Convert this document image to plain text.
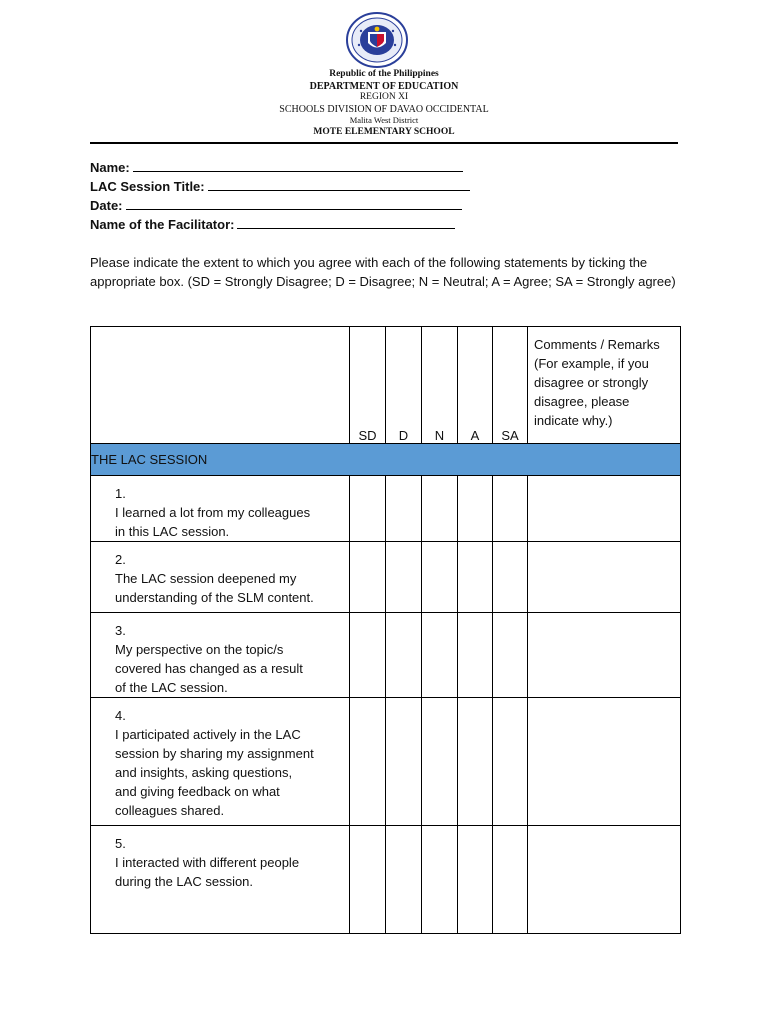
Republic of the Philippines
DEPARTMENT OF EDUCATION
REGION XI
SCHOOLS DIVISION OF DAVAO OCCIDENTAL
Malita West District
MOTE ELEMENTARY SCHOOL
Name:
LAC Session Title:
Date:
Name of the Facilitator:
Please indicate the extent to which you agree with each of the following statements by ticking the appropriate box. (SD = Strongly Disagree; D = Disagree; N = Neutral; A = Agree; SA = Strongly agree)
	SD	D	N	A	SA	Comments / Remarks (For example, if you disagree or strongly disagree, please indicate why.)
THE LAC SESSION						
1.I learned a lot from my colleagues in this LAC session.						
2.The LAC session deepened my understanding of the SLM content.						
3.My perspective on the topic/s covered has changed as a result of the LAC session.						
4.I participated actively in the LAC session by sharing my assignment and insights, asking questions, and giving feedback on what colleagues shared.						
5.I interacted with different people during the LAC session.						
